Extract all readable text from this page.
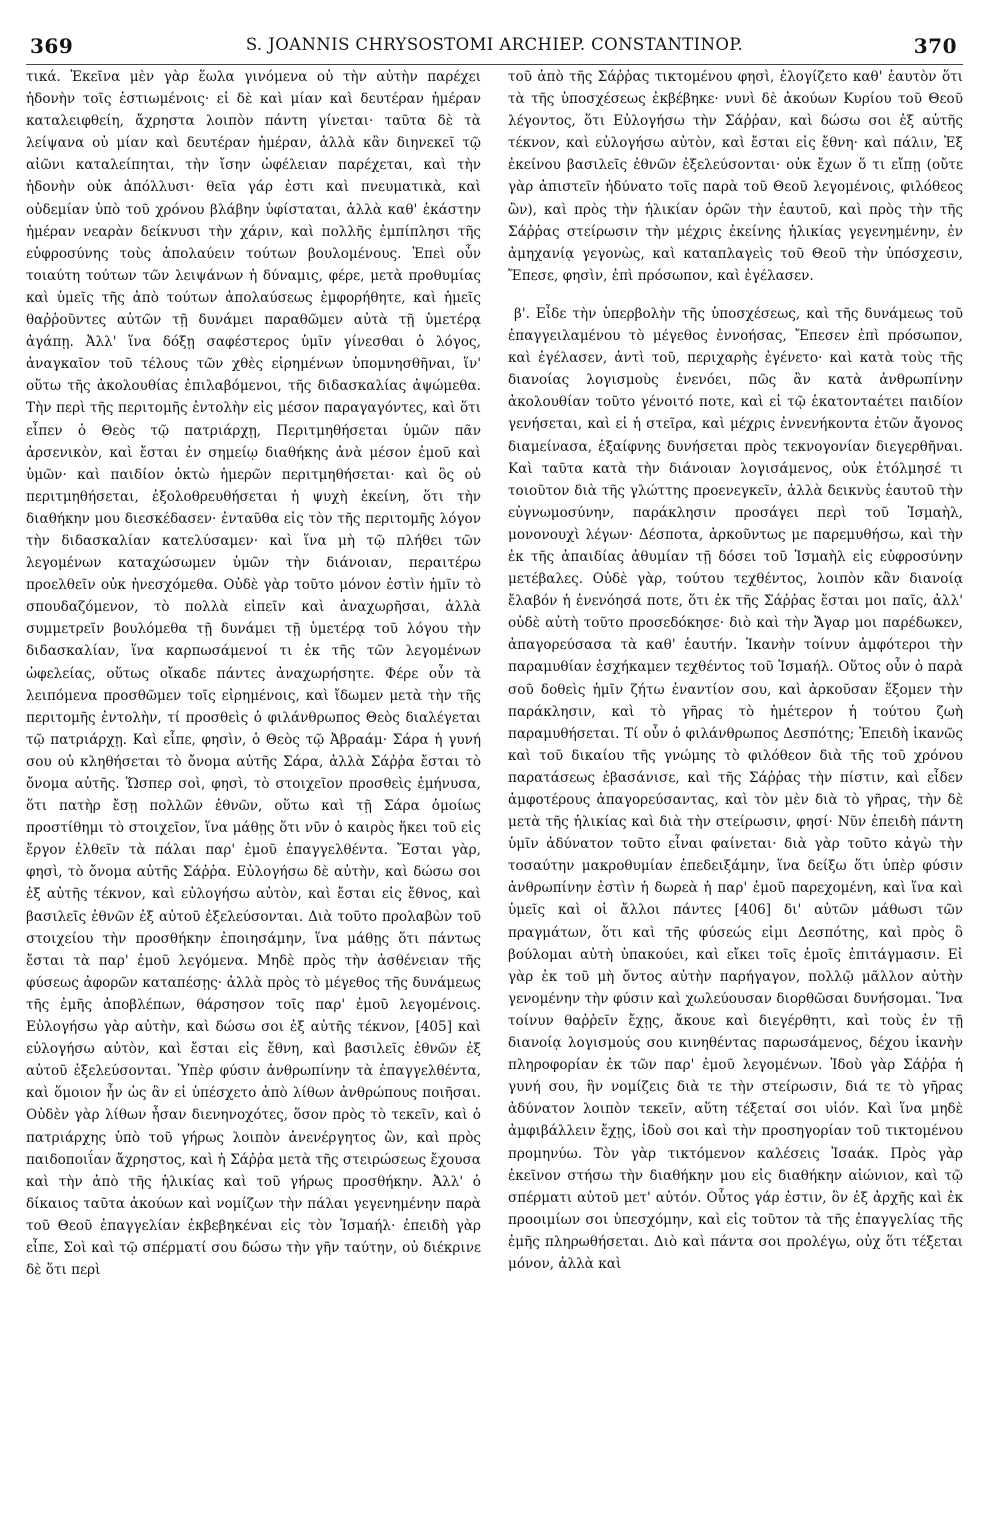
369	S. JOANNIS CHRYSOSTOMI ARCHIEP. CONSTANTINOP.	370

τικά. Ἐκεῖνα μὲν γὰρ ἕωλα γινόμενα οὐ τὴν αὐτὴν παρέχει ἡδονὴν τοῖς ἑστιωμένοις· εἰ δὲ καὶ μίαν καὶ δευτέραν ἡμέραν καταλειφθείη, ἄχρηστα λοιπὸν πάντη γίνεται· ταῦτα δὲ τὰ λείψανα οὐ μίαν καὶ δευτέραν ἡμέραν, ἀλλὰ κἂν διηνεκεῖ τῷ αἰῶνι καταλείπηται, τὴν ἴσην ὠφέλειαν παρέχεται, καὶ τὴν ἡδονὴν οὐκ ἀπόλλυσι· θεῖα γάρ ἐστι καὶ πνευματικὰ, καὶ οὐδεμίαν ὑπὸ τοῦ χρόνου βλάβην ὑφίσταται, ἀλλὰ καθ' ἑκάστην ἡμέραν νεαρὰν δείκνυσι τὴν χάριν, καὶ πολλῆς ἐμπίπλησι τῆς εὐφροσύνης τοὺς ἀπολαύειν τούτων βουλομένους. Ἐπεὶ οὖν τοιαύτη τούτων τῶν λειψάνων ἡ δύναμις, φέρε, μετὰ προθυμίας καὶ ὑμεῖς τῆς ἀπὸ τούτων ἀπολαύσεως ἐμφορήθητε, καὶ ἡμεῖς θαῤῥοῦντες αὐτῶν τῇ δυνάμει παραθῶμεν αὐτὰ τῇ ὑμετέρᾳ ἀγάπῃ. Ἀλλ' ἵνα δόξῃ σαφέστερος ὑμῖν γίνεσθαι ὁ λόγος, ἀναγκαῖον τοῦ τέλους τῶν χθὲς εἰρημένων ὑπομνησθῆναι, ἵν' οὕτω τῆς ἀκολουθίας ἐπιλαβόμενοι, τῆς διδασκαλίας ἀψώμεθα. Τὴν περὶ τῆς περιτομῆς ἐντολὴν εἰς μέσον παραγαγόντες, καὶ ὅτι εἶπεν ὁ Θεὸς τῷ πατριάρχῃ, Περιτμηθήσεται ὑμῶν πᾶν ἀρσενικὸν, καὶ ἔσται ἐν σημείῳ διαθήκης ἀνὰ μέσον ἐμοῦ καὶ ὑμῶν· καὶ παιδίον ὀκτὼ ἡμερῶν περιτμηθήσεται· καὶ ὃς οὐ περιτμηθήσεται, ἐξολοθρευθήσεται ἡ ψυχὴ ἐκείνη, ὅτι τὴν διαθήκην μου διεσκέδασεν· ἐνταῦθα εἰς τὸν τῆς περιτομῆς λόγον τὴν διδασκαλίαν κατελύσαμεν· καὶ ἵνα μὴ τῷ πλήθει τῶν λεγομένων καταχώσωμεν ὑμῶν τὴν διάνοιαν, περαιτέρω προελθεῖν οὐκ ἠνεσχόμεθα. Οὐδὲ γὰρ τοῦτο μόνον ἐστὶν ἡμῖν τὸ σπουδαζόμενον, τὸ πολλὰ εἰπεῖν καὶ ἀναχωρῆσαι, ἀλλὰ συμμετρεῖν βουλόμεθα τῇ δυνάμει τῇ ὑμετέρᾳ τοῦ λόγου τὴν διδασκαλίαν, ἵνα καρπωσάμενοί τι ἐκ τῆς τῶν λεγομένων ὠφελείας, οὕτως οἴκαδε πάντες ἀναχωρήσητε. Φέρε οὖν τὰ λειπόμενα προσθῶμεν τοῖς εἰρημένοις, καὶ ἴδωμεν μετὰ τὴν τῆς περιτομῆς ἐντολὴν, τί προσθεὶς ὁ φιλάνθρωπος Θεὸς διαλέγεται τῷ πατριάρχῃ. Καὶ εἶπε, φησὶν, ὁ Θεὸς τῷ Ἀβραάμ· Σάρα ἡ γυνή σου οὐ κληθήσεται τὸ ὄνομα αὐτῆς Σάρα, ἀλλὰ Σάῤῥα ἔσται τὸ ὄνομα αὐτῆς. Ὥσπερ σοὶ, φησὶ, τὸ στοιχεῖον προσθεὶς ἐμήνυσα, ὅτι πατὴρ ἔσῃ πολλῶν ἐθνῶν, οὕτω καὶ τῇ Σάρα ὁμοίως προστίθημι τὸ στοιχεῖον, ἵνα μάθῃς ὅτι νῦν ὁ καιρὸς ἥκει τοῦ εἰς ἔργον ἐλθεῖν τὰ πάλαι παρ' ἐμοῦ ἐπαγγελθέντα. Ἔσται γὰρ, φησὶ, τὸ ὄνομα αὐτῆς Σάῤῥα. Εὐλογήσω δὲ αὐτὴν, καὶ δώσω σοι ἐξ αὐτῆς τέκνον, καὶ εὐλογήσω αὐτὸν, καὶ ἔσται εἰς ἔθνος, καὶ βασιλεῖς ἐθνῶν ἐξ αὐτοῦ ἐξελεύσονται. Διὰ τοῦτο προλαβὼν τοῦ στοιχείου τὴν προσθήκην ἐποιησάμην, ἵνα μάθῃς ὅτι πάντως ἔσται τὰ παρ' ἐμοῦ λεγόμενα. Μηδὲ πρὸς τὴν ἀσθένειαν τῆς φύσεως ἀφορῶν καταπέσῃς· ἀλλὰ πρὸς τὸ μέγεθος τῆς δυνάμεως τῆς ἐμῆς ἀποβλέπων, θάρσησον τοῖς παρ' ἐμοῦ λεγομένοις. Εὐλογήσω γὰρ αὐτὴν, καὶ δώσω σοι ἐξ αὐτῆς τέκνον, [405] καὶ εὐλογήσω αὐτὸν, καὶ ἔσται εἰς ἔθνη, καὶ βασιλεῖς ἐθνῶν ἐξ αὐτοῦ ἐξελεύσονται. Ὑπὲρ φύσιν ἀνθρωπίνην τὰ ἐπαγγελθέντα, καὶ ὅμοιον ἦν ὡς ἂν εἰ ὑπέσχετο ἀπὸ λίθων ἀνθρώπους ποιῆσαι. Οὐδὲν γὰρ λίθων ἦσαν διενηνοχότες, ὅσον πρὸς τὸ τεκεῖν, καὶ ὁ πατριάρχης ὑπὸ τοῦ γήρως λοιπὸν ἀνενέργητος ὢν, καὶ πρὸς παιδοποιΐαν ἄχρηστος, καὶ ἡ Σάῤῥα μετὰ τῆς στειρώσεως ἔχουσα καὶ τὴν ἀπὸ τῆς ἡλικίας καὶ τοῦ γήρως προσθήκην. Ἀλλ' ὁ δίκαιος ταῦτα ἀκούων καὶ νομίζων τὴν πάλαι γεγενημένην παρὰ τοῦ Θεοῦ ἐπαγγελίαν ἐκβεβηκέναι εἰς τὸν Ἰσμαήλ· ἐπειδὴ γὰρ εἶπε, Σοὶ καὶ τῷ σπέρματί σου δώσω τὴν γῆν ταύτην, οὐ διέκρινε δὲ ὅτι περὶ

τοῦ ἀπὸ τῆς Σάῤῥας τικτομένου φησὶ, ἐλογίζετο καθ' ἑαυτὸν ὅτι τὰ τῆς ὑποσχέσεως ἐκβέβηκε· νυνὶ δὲ ἀκούων Κυρίου τοῦ Θεοῦ λέγοντος, ὅτι Εὐλογήσω τὴν Σάῤῥαν, καὶ δώσω σοι ἐξ αὐτῆς τέκνον, καὶ εὐλογήσω αὐτὸν, καὶ ἔσται εἰς ἔθνη· καὶ πάλιν, Ἐξ ἐκείνου βασιλεῖς ἐθνῶν ἐξελεύσονται· οὐκ ἔχων ὅ τι εἴπῃ (οὔτε γὰρ ἀπιστεῖν ἠδύνατο τοῖς παρὰ τοῦ Θεοῦ λεγομένοις, φιλόθεος ὢν), καὶ πρὸς τὴν ἡλικίαν ὁρῶν τὴν ἑαυτοῦ, καὶ πρὸς τὴν τῆς Σάῤῥας στείρωσιν τὴν μέχρις ἐκείνης ἡλικίας γεγενημένην, ἐν ἀμηχανίᾳ γεγονὼς, καὶ καταπλαγεὶς τοῦ Θεοῦ τὴν ὑπόσχεσιν, Ἔπεσε, φησὶν, ἐπὶ πρόσωπον, καὶ ἐγέλασεν.

β'. Εἶδε τὴν ὑπερβολὴν τῆς ὑποσχέσεως, καὶ τῆς δυνάμεως τοῦ ἐπαγγειλαμένου τὸ μέγεθος ἐννοήσας, Ἔπεσεν ἐπὶ πρόσωπον, καὶ ἐγέλασεν, ἀντὶ τοῦ, περιχαρὴς ἐγένετο· καὶ κατὰ τοὺς τῆς διανοίας λογισμοὺς ἐνενόει, πῶς ἂν κατὰ ἀνθρωπίνην ἀκολουθίαν τοῦτο γένοιτό ποτε, καὶ εἰ τῷ ἑκατονταέτει παιδίον γενήσεται, καὶ εἰ ἡ στεῖρα, καὶ μέχρις ἐννενήκοντα ἐτῶν ἄγονος διαμείνασα, ἐξαίφνης δυνήσεται πρὸς τεκνογονίαν διεγερθῆναι. Καὶ ταῦτα κατὰ τὴν διάνοιαν λογισάμενος, οὐκ ἐτόλμησέ τι τοιοῦτον διὰ τῆς γλώττης προενεγκεῖν, ἀλλὰ δεικνὺς ἑαυτοῦ τὴν εὐγνωμοσύνην, παράκλησιν προσάγει περὶ τοῦ Ἰσμαὴλ, μονονουχὶ λέγων· Δέσποτα, ἀρκοῦντως με παρεμυθήσω, καὶ τὴν ἐκ τῆς ἀπαιδίας ἀθυμίαν τῇ δόσει τοῦ Ἰσμαὴλ εἰς εὐφροσύνην μετέβαλες. Οὐδὲ γὰρ, τούτου τεχθέντος, λοιπὸν κἂν διανοίᾳ ἔλαβόν ἡ ἐνενόησά ποτε, ὅτι ἐκ τῆς Σάῤῥας ἔσται μοι παῖς, ἀλλ' οὐδὲ αὐτὴ τοῦτο προσεδόκησε· διὸ καὶ τὴν Ἄγαρ μοι παρέδωκεν, ἀπαγορεύσασα τὰ καθ' ἑαυτήν. Ἱκανὴν τοίνυν ἀμφότεροι τὴν παραμυθίαν ἐσχήκαμεν τεχθέντος τοῦ Ἰσμαήλ. Οὕτος οὖν ὁ παρὰ σοῦ δοθεὶς ἡμῖν ζήτω ἐναντίον σου, καὶ ἀρκοῦσαν ἕξομεν τὴν παράκλησιν, καὶ τὸ γῆρας τὸ ἡμέτερον ἡ τούτου ζωὴ παραμυθήσεται. Τί οὖν ὁ φιλάνθρωπος Δεσπότης; Ἐπειδὴ ἱκανῶς καὶ τοῦ δικαίου τῆς γνώμης τὸ φιλόθεον διὰ τῆς τοῦ χρόνου παρατάσεως ἐβασάνισε, καὶ τῆς Σάῤῥας τὴν πίστιν, καὶ εἶδεν ἀμφοτέρους ἀπαγορεύσαντας, καὶ τὸν μὲν διὰ τὸ γῆρας, τὴν δὲ μετὰ τῆς ἡλικίας καὶ διὰ τὴν στείρωσιν, φησί· Νῦν ἐπειδὴ πάντη ὑμῖν ἀδύνατον τοῦτο εἶναι φαίνεται· διὰ γὰρ τοῦτο κἀγὼ τὴν τοσαύτην μακροθυμίαν ἐπεδειξάμην, ἵνα δείξω ὅτι ὑπὲρ φύσιν ἀνθρωπίνην ἐστὶν ἡ δωρεὰ ἡ παρ' ἐμοῦ παρεχομένη, καὶ ἵνα καὶ ὑμεῖς καὶ οἱ ἄλλοι πάντες [406] δι' αὐτῶν μάθωσι τῶν πραγμάτων, ὅτι καὶ τῆς φύσεώς εἰμι Δεσπότης, καὶ πρὸς ὃ βούλομαι αὐτὴ ὑπακούει, καὶ εἴκει τοῖς ἐμοῖς ἐπιτάγμασιν. Εἰ γὰρ ἐκ τοῦ μὴ ὄντος αὐτὴν παρήγαγον, πολλῷ μᾶλλον αὐτὴν γενομένην τὴν φύσιν καὶ χωλεύουσαν διορθῶσαι δυνήσομαι. Ἵνα τοίνυν θαῤῥεῖν ἔχῃς, ἄκουε καὶ διεγέρθητι, καὶ τοὺς ἐν τῇ διανοίᾳ λογισμούς σου κινηθέντας παρωσάμενος, δέχου ἱκανὴν πληροφορίαν ἐκ τῶν παρ' ἐμοῦ λεγομένων. Ἰδοὺ γὰρ Σάῤῥα ἡ γυνή σου, ἣν νομίζεις διὰ τε τὴν στείρωσιν, διά τε τὸ γῆρας ἀδύνατον λοιπὸν τεκεῖν, αὕτη τέξεταί σοι υἱόν. Καὶ ἵνα μηδὲ ἀμφιβάλλειν ἔχῃς, ἰδοὺ σοι καὶ τὴν προσηγορίαν τοῦ τικτομένου προμηνύω. Τὸν γὰρ τικτόμενον καλέσεις Ἰσαάκ. Πρὸς γὰρ ἐκεῖνον στήσω τὴν διαθήκην μου εἰς διαθήκην αἰώνιον, καὶ τῷ σπέρματι αὐτοῦ μετ' αὐτόν. Οὗτος γάρ ἐστιν, ὃν ἐξ ἀρχῆς καὶ ἐκ προοιμίων σοι ὑπεσχόμην, καὶ εἰς τοῦτον τὰ τῆς ἐπαγγελίας τῆς ἐμῆς πληρωθήσεται. Διὸ καὶ πάντα σοι προλέγω, οὐχ ὅτι τέξεται μόνον, ἀλλὰ καὶ
